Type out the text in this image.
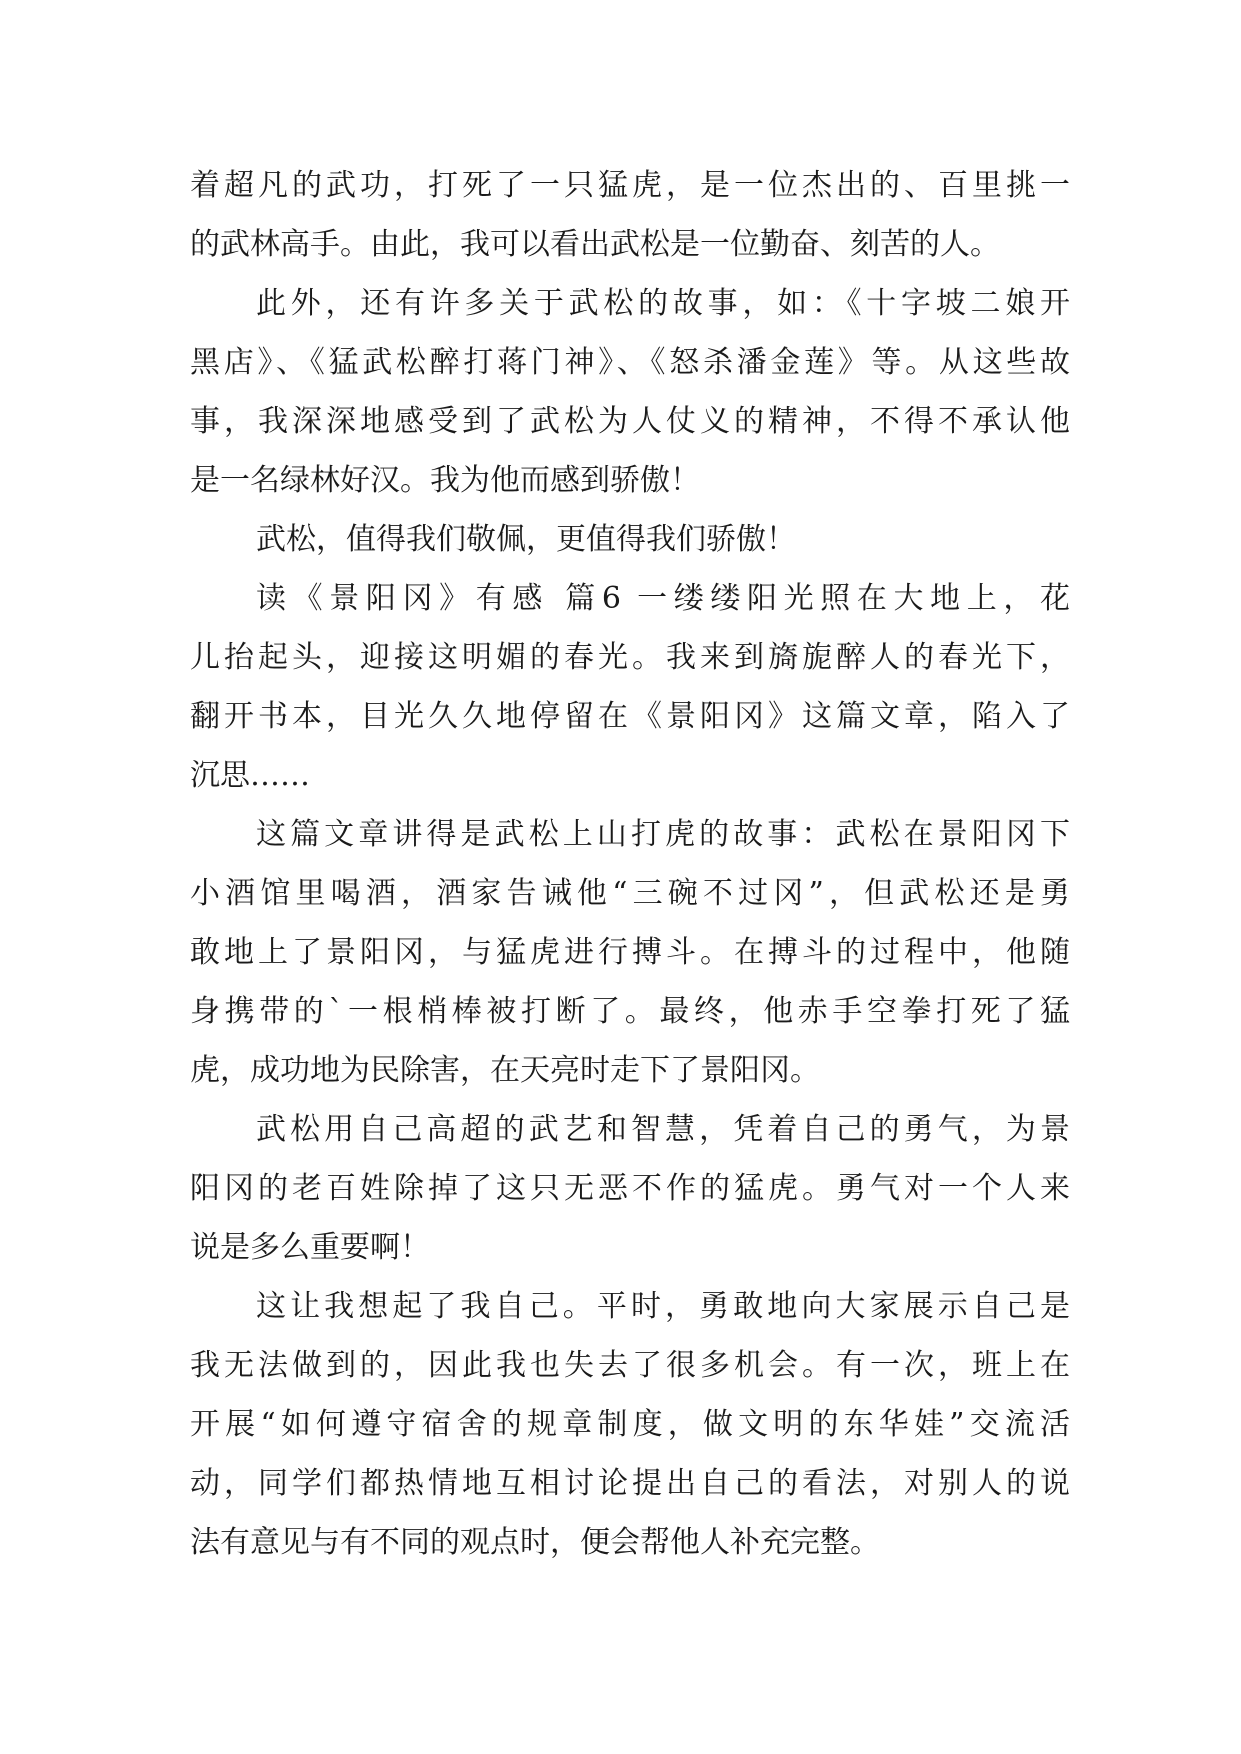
着超凡的武功，打死了一只猛虎，是一位杰出的、百里挑一
的武林高手。由此，我可以看出武松是一位勤奋、刻苦的人。
此外，还有许多关于武松的故事，如：《十字坡二娘开
黑店》、《猛武松醉打蒋门神》、《怒杀潘金莲》等。从这些故
事，我深深地感受到了武松为人仗义的精神，不得不承认他
是一名绿林好汉。我为他而感到骄傲！
武松，值得我们敬佩，更值得我们骄傲！
读《景阳冈》有感 篇6 一缕缕阳光照在大地上，花
儿抬起头，迎接这明媚的春光。我来到旖旎醉人的春光下，
翻开书本，目光久久地停留在《景阳冈》这篇文章，陷入了
沉思……
这篇文章讲得是武松上山打虎的故事：武松在景阳冈下
小酒馆里喝酒，酒家告诫他“三碗不过冈”，但武松还是勇
敢地上了景阳冈，与猛虎进行搏斗。在搏斗的过程中，他随
身携带的`一根梢棒被打断了。最终，他赤手空拳打死了猛
虎，成功地为民除害，在天亮时走下了景阳冈。
武松用自己高超的武艺和智慧，凭着自己的勇气，为景
阳冈的老百姓除掉了这只无恶不作的猛虎。勇气对一个人来
说是多么重要啊！
这让我想起了我自己。平时，勇敢地向大家展示自己是
我无法做到的，因此我也失去了很多机会。有一次，班上在
开展“如何遵守宿舍的规章制度，做文明的东华娃”交流活
动，同学们都热情地互相讨论提出自己的看法，对别人的说
法有意见与有不同的观点时，便会帮他人补充完整。
